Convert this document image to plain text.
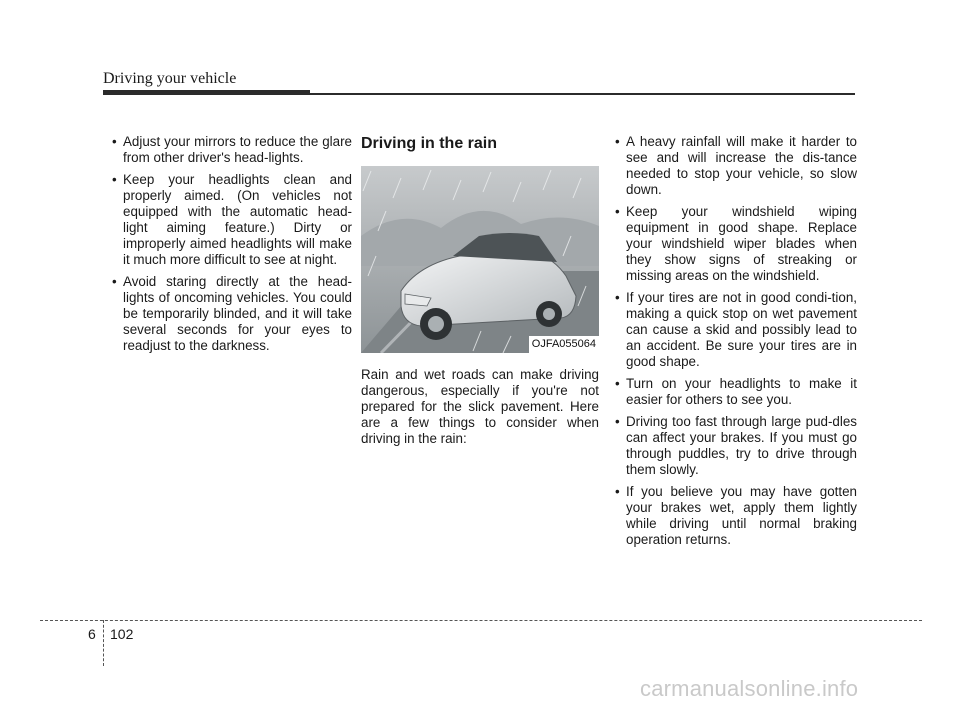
Driving your vehicle
• Adjust your mirrors to reduce the glare from other driver's head-lights.
• Keep your headlights clean and properly aimed. (On vehicles not equipped with the automatic head-light aiming feature.) Dirty or improperly aimed headlights will make it much more difficult to see at night.
• Avoid staring directly at the head-lights of oncoming vehicles. You could be temporarily blinded, and it will take several seconds for your eyes to readjust to the darkness.
Driving in the rain
OJFA055064

Rain and wet roads can make driving dangerous, especially if you're not prepared for the slick pavement. Here are a few things to consider when driving in the rain:

• A heavy rainfall will make it harder to see and will increase the dis-tance needed to stop your vehicle, so slow down.
• Keep your windshield wiping equipment in good shape. Replace your windshield wiper blades when they show signs of streaking or missing areas on the windshield.
• If your tires are not in good condi-tion, making a quick stop on wet pavement can cause a skid and possibly lead to an accident. Be sure your tires are in good shape.
• Turn on your headlights to make it easier for others to see you.
• Driving too fast through large pud-dles can affect your brakes. If you must go through puddles, try to drive through them slowly.
• If you believe you may have gotten your brakes wet, apply them lightly while driving until normal braking operation returns.
6 102
carmanualsonline.info
